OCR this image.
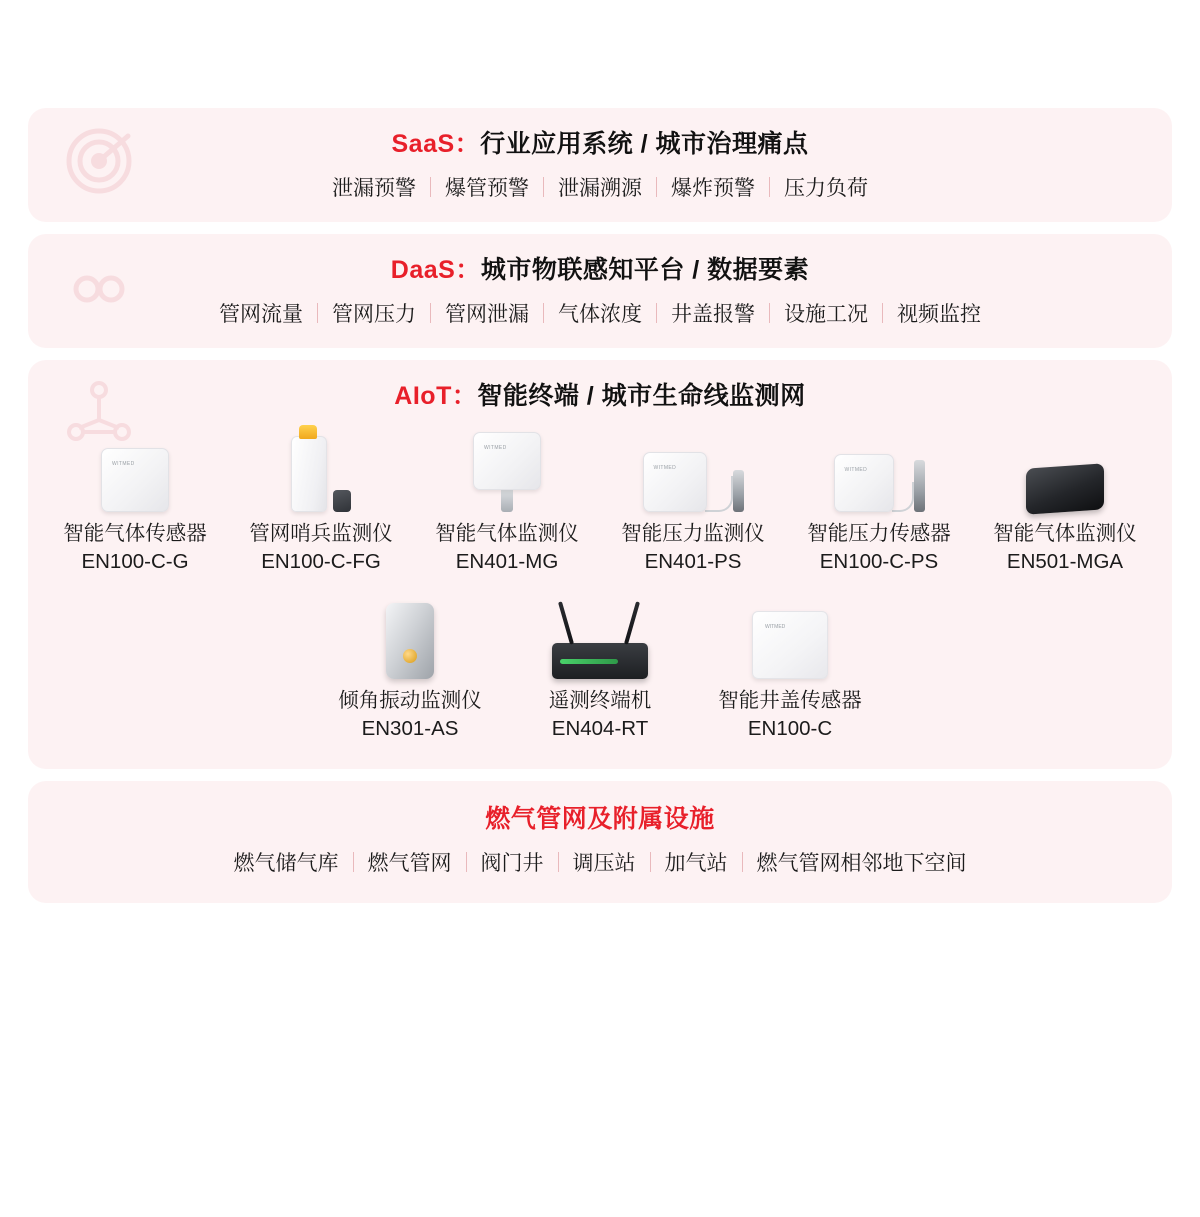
SaaS：行业应用系统 / 城市治理痛点
泄漏预警	爆管预警	泄漏溯源	爆炸预警	压力负荷
DaaS：城市物联感知平台 / 数据要素
管网流量	管网压力	管网泄漏	气体浓度	井盖报警	设施工况	视频监控
AIoT：智能终端 / 城市生命线监测网
WITMED
智能气体传感器
EN100-C-G
管网哨兵监测仪
EN100-C-FG
WITMED
智能气体监测仪
EN401-MG
WITMED
智能压力监测仪
EN401-PS
WITMED
智能压力传感器
EN100-C-PS
智能气体监测仪
EN501-MGA
倾角振动监测仪
EN301-AS
遥测终端机
EN404-RT
WITMED
智能井盖传感器
EN100-C
燃气管网及附属设施
燃气储气库	燃气管网	阀门井	调压站	加气站	燃气管网相邻地下空间
